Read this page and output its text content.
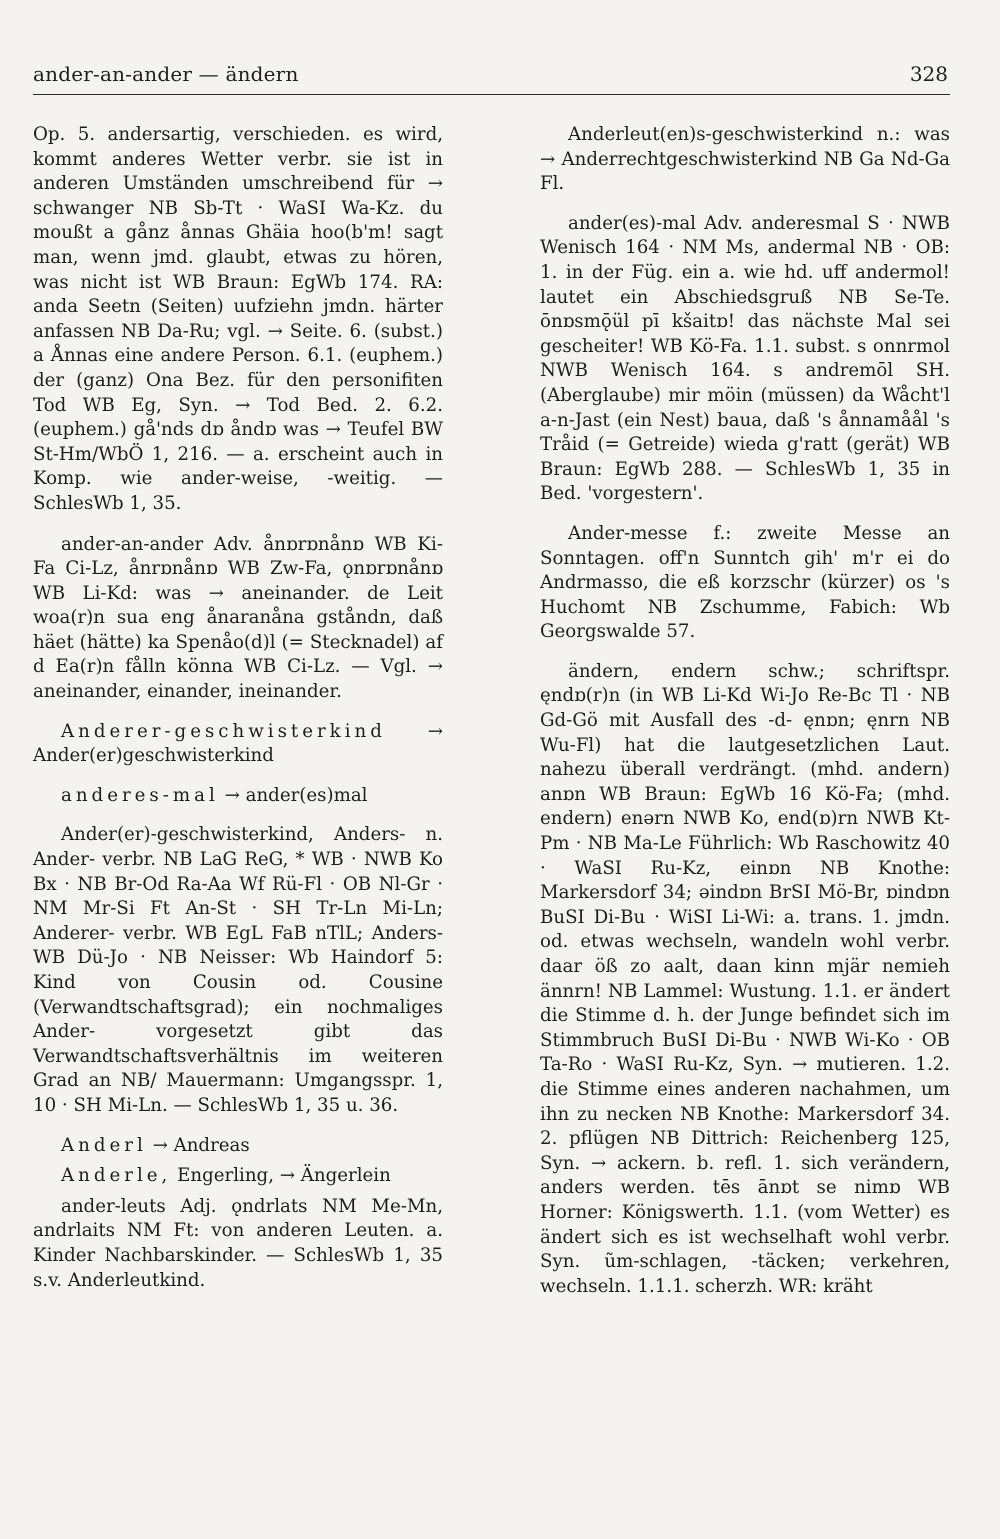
ander-an-ander — ändern	328

Op. 5. andersartig, verschieden. es wird, kommt anderes Wetter verbr. sie ist in anderen Umständen umschreibend für → schwanger NB Sb-Tt · WaSI Wa-Kz. du moußt a gånz ånnas Ghäia hoo(b'm! sagt man, wenn jmd. glaubt, etwas zu hören, was nicht ist WB Braun: EgWb 174. RA: anda Seetn (Seiten) uufziehn jmdn. härter anfassen NB Da-Ru; vgl. → Seite. 6. (subst.) a Ånnas eine andere Person. 6.1. (euphem.) der (ganz) Ona Bez. für den personifiten Tod WB Eg, Syn. → Tod Bed. 2. 6.2. (euphem.) gå'nds dɒ åndɒ was → Teufel BW St-Hm/WbÖ 1, 216. — a. erscheint auch in Komp. wie ander-weise, -weitig. — SchlesWb 1, 35.

ander-an-ander Adv. ånɒrɒnånɒ WB Ki-Fa Ci-Lz, ånrɒnånɒ WB Zw-Fa, ǫnɒrɒnånɒ WB Li-Kd: was → aneinander. de Leit woa(r)n sua eng ånaranåna gståndn, daß häet (hätte) ka Spenåo(d)l (= Stecknadel) af d Ea(r)n fålln könna WB Ci-Lz. — Vgl. → aneinander, einander, ineinander.

Anderer-geschwisterkind → Ander(er)geschwisterkind

anderes-mal → ander(es)mal

Ander(er)-geschwisterkind, Anders- n. Ander- verbr. NB LaG ReG, * WB · NWB Ko Bx · NB Br-Od Ra-Aa Wf Rü-Fl · OB Nl-Gr · NM Mr-Si Ft An-St · SH Tr-Ln Mi-Ln; Anderer- verbr. WB EgL FaB nTlL; Anders- WB Dü-Jo · NB Neisser: Wb Haindorf 5: Kind von Cousin od. Cousine (Verwandtschaftsgrad); ein nochmaliges Ander- vorgesetzt gibt das Verwandtschaftsverhältnis im weiteren Grad an NB/ Mauermann: Umgangsspr. 1, 10 · SH Mi-Ln. — SchlesWb 1, 35 u. 36.

Anderl → Andreas

Anderle, Engerling, → Ängerlein

ander-leuts Adj. ǫndrlats NM Me-Mn, andrlaits NM Ft: von anderen Leuten. a. Kinder Nachbarskinder. — SchlesWb 1, 35 s.v. Anderleutkind.

Anderleut(en)s-geschwisterkind n.: was → Anderrechtgeschwisterkind NB Ga Nd-Ga Fl.

ander(es)-mal Adv. anderesmal S · NWB Wenisch 164 · NM Ms, andermal NB · OB: 1. in der Füg. ein a. wie hd. uff andermol! lautet ein Abschiedsgruß NB Se-Te. ōnɒsmǭül pī kšaitɒ! das nächste Mal sei gescheiter! WB Kö-Fa. 1.1. subst. s onnrmol NWB Wenisch 164. s andremōl SH. (Aberglaube) mir möin (müssen) da Wåcht'l a-n-Jast (ein Nest) baua, daß 's ånnamåål 's Tråid (= Getreide) wieda g'ratt (gerät) WB Braun: EgWb 288. — SchlesWb 1, 35 in Bed. 'vorgestern'.

Ander-messe f.: zweite Messe an Sonntagen. off'n Sunntch gih' m'r ei do Andrmasso, die eß korzschr (kürzer) os 's Huchomt NB Zschumme, Fabich: Wb Georgswalde 57.

ändern, endern schw.; schriftspr. ęndɒ(r)n (in WB Li-Kd Wi-Jo Re-Bc Tl · NB Gd-Gö mit Ausfall des -d- ęnɒn; ęnrn NB Wu-Fl) hat die lautgesetzlichen Laut. nahezu überall verdrängt. (mhd. andern) anɒn WB Braun: EgWb 16 Kö-Fa; (mhd. endern) enərn NWB Ko, end(ɒ)rn NWB Kt-Pm · NB Ma-Le Führlich: Wb Raschowitz 40 · WaSI Ru-Kz, einɒn NB Knothe: Markersdorf 34; əindɒn BrSI Mö-Br, ɒindɒn BuSI Di-Bu · WiSI Li-Wi: a. trans. 1. jmdn. od. etwas wechseln, wandeln wohl verbr. daar öß zo aalt, daan kinn mjär nemieh ännrn! NB Lammel: Wustung. 1.1. er ändert die Stimme d. h. der Junge befindet sich im Stimmbruch BuSI Di-Bu · NWB Wi-Ko · OB Ta-Ro · WaSI Ru-Kz, Syn. → mutieren. 1.2. die Stimme eines anderen nachahmen, um ihn zu necken NB Knothe: Markersdorf 34. 2. pflügen NB Dittrich: Reichenberg 125, Syn. → ackern. b. refl. 1. sich verändern, anders werden. tēs ānɒt se nimɒ WB Horner: Königswerth. 1.1. (vom Wetter) es ändert sich es ist wechselhaft wohl verbr. Syn. ũm-schlagen, -täcken; verkehren, wechseln. 1.1.1. scherzh. WR: kräht
